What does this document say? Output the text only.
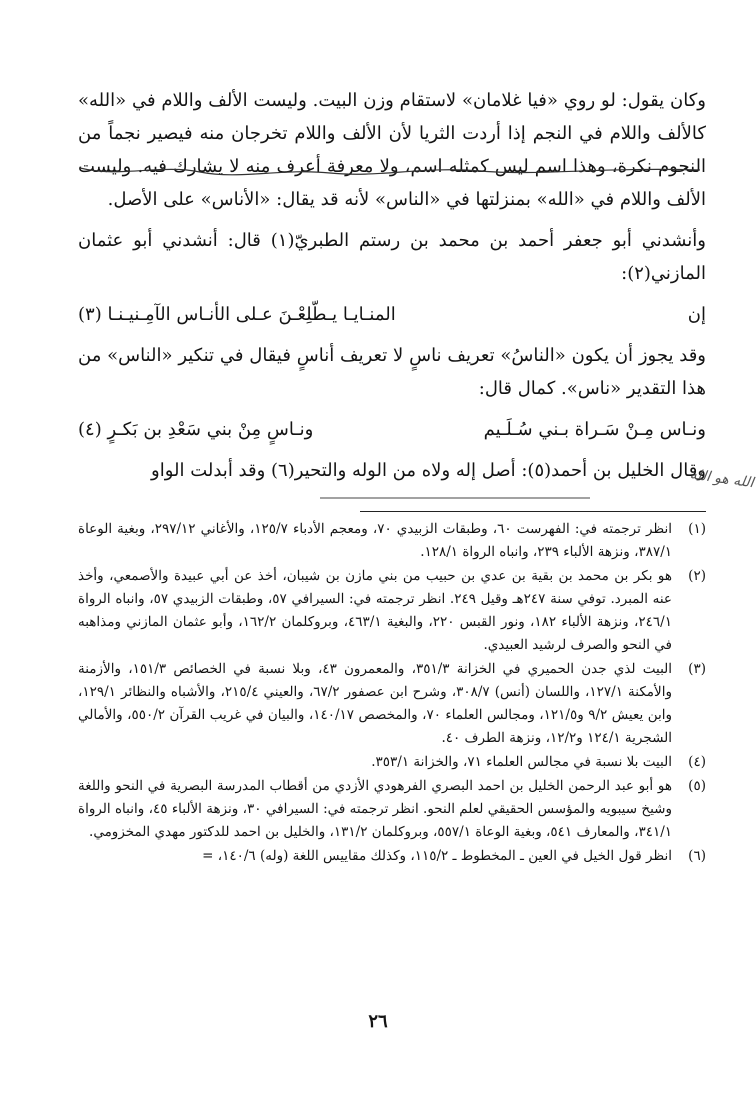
وكان يقول: لو روي «فيا غلامان» لاستقام وزن البيت. وليست الألف واللام في «الله» كالألف واللام في النجم إذا أردت الثريا لأن الألف واللام تخرجان منه فيصير نجماً من النجوم نكرة، وهذا اسم ليس كمثله اسم، ولا معرفة أعرف منه لا يشارك فيه. وليست الألف واللام في «الله» بمنزلتها في «الناس» لأنه قد يقال: «الأناس» على الأصل.

وأنشدني أبو جعفر أحمد بن محمد بن رستم الطبريّ(١) قال: أنشدني أبو عثمان المازني(٢):

إن
المنـايـا يـطّلِعْـنَ عـلى الأنـاس الآمِـنيـنـا (٣)

وقد يجوز أن يكون «الناسُ» تعريف ناسٍ لا تعريف أناسٍ فيقال في تنكير «الناس» من هذا التقدير «ناس». كمال قال:

ونـاس مِـنْ سَـراة بـني سُـلَـيم
ونـاسٍ مِنْ بني سَعْدِ بن بَكـرٍ (٤)

وقال الخليل بن أحمد(٥): أصل إله ولاه من الوله والتحير(٦) وقد أبدلت الواو

الله هو الله
(١)
انظر ترجمته في: الفهرست ٦٠، وطبقات الزبيدي ٧٠، ومعجم الأدباء ١٢٥/٧، والأغاني ٢٩٧/١٢، وبغية الوعاة ٣٨٧/١، ونزهة الألباء ٢٣٩، وانباه الرواة ١٢٨/١.
(٢)
هو بكر بن محمد بن بقية بن عدي بن حبيب من بني مازن بن شيبان، أخذ عن أبي عبيدة والأصمعي، وأخذ عنه المبرد. توفي سنة ٢٤٧هـ وقيل ٢٤٩. انظر ترجمته في: السيرافي ٥٧، وطبقات الزبيدي ٥٧، وانباه الرواة ٢٤٦/١، ونزهة الألباء ١٨٢، ونور القبس ٢٢٠، والبغية ٤٦٣/١، وبروكلمان ١٦٢/٢، وأبو عثمان المازني ومذاهبه في النحو والصرف لرشيد العبيدي.
(٣)
البيت لذي جدن الحميري في الخزانة ٣٥١/٣، والمعمرون ٤٣، وبلا نسبة في الخصائص ١٥١/٣، والأزمنة والأمكنة ١٢٧/١، واللسان (أنس) ٣٠٨/٧، وشرح ابن عصفور ٦٧/٢، والعيني ٢١٥/٤، والأشباه والنظائر ١٢٩/١، وابن يعيش ٩/٢ و١٢١/٥، ومجالس العلماء ٧٠، والمخصص ١٤٠/١٧، والبيان في غريب القرآن ٥٥٠/٢، والأمالي الشجرية ١٢٤/١ و١٢/٢، ونزهة الطرف ٤٠.
(٤)
البيت بلا نسبة في مجالس العلماء ٧١، والخزانة ٣٥٣/١.
(٥)
هو أبو عبد الرحمن الخليل بن احمد البصري الفرهودي الأزدي من أقطاب المدرسة البصرية في النحو واللغة وشيخ سيبويه والمؤسس الحقيقي لعلم النحو. انظر ترجمته في: السيرافي ٣٠، ونزهة الألباء ٤٥، وانباه الرواة ٣٤١/١، والمعارف ٥٤١، وبغية الوعاة ٥٥٧/١، وبروكلمان ١٣١/٢، والخليل بن احمد للدكتور مهدي المخزومي.
(٦)
انظر قول الخيل في العين ـ المخطوط ـ ١١٥/٢، وكذلك مقاييس اللغة (وله) ١٤٠/٦، =
٢٦
